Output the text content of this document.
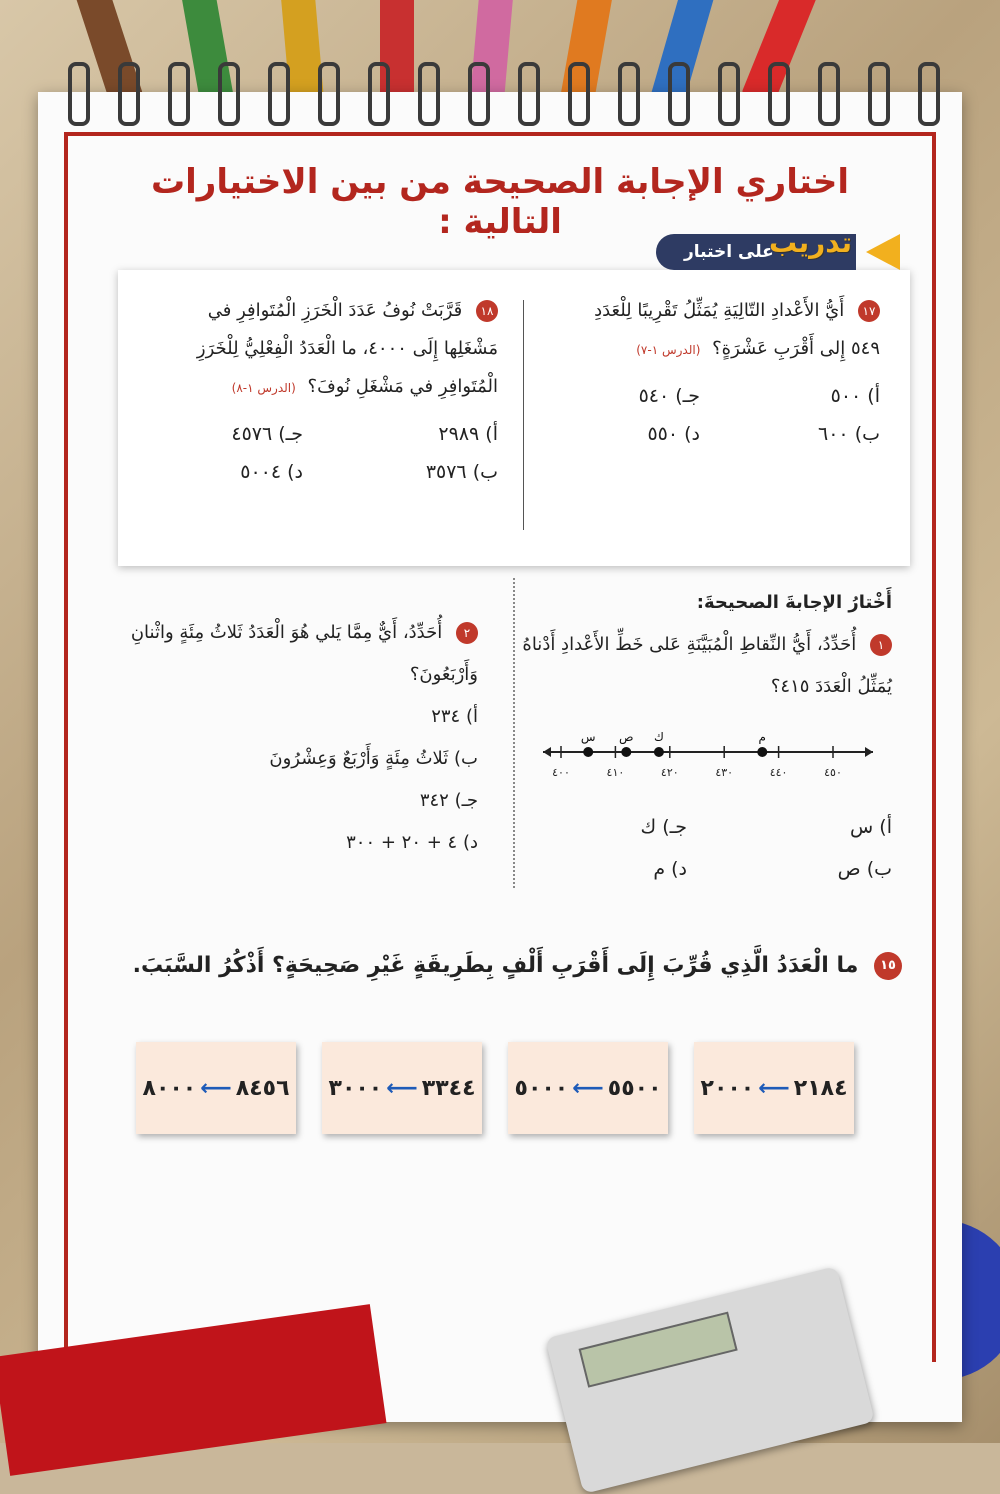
اختاري الإجابة الصحيحة من بين الاختيارات التالية :
على اختبار
تدريب
١٧ أَيُّ الأَعْدادِ التّالِيَةِ يُمَثِّلُ تَقْرِيبًا لِلْعَدَدِ ٥٤٩ إِلى أَقْرَبِ عَشْرَةٍ؟ (الدرس ١-٧)
أ) ٥٠٠
جـ) ٥٤٠
ب) ٦٠٠
د) ٥٥٠
١٨ قَرَّبَتْ نُوفُ عَدَدَ الْخَرَزِ الْمُتَوافِرِ في مَشْغَلِها إِلَى ٤٠٠٠، ما الْعَدَدُ الْفِعْلِيُّ لِلْخَرَزِ الْمُتَوافِرِ في مَشْغَلِ نُوفَ؟ (الدرس ١-٨)
أ) ٢٩٨٩
جـ) ٤٥٧٦
ب) ٣٥٧٦
د) ٥٠٠٤
أَخْتارُ الإجابةَ الصحيحةَ:
١ أُحَدِّدُ، أَيُّ النِّقاطِ الْمُبَيَّنَةِ عَلى خَطِّ الأَعْدادِ أَدْناهُ يُمَثِّلُ الْعَدَدَ ٤١٥؟
أ) س
جـ) ك
ب) ص
د) م
٤٠٠	٤١٠	٤٢٠	٤٣٠	٤٤٠	٤٥٠
س ص ك	م
٢ أُحَدِّدُ، أَيٌّ مِمَّا يَلي هُوَ الْعَدَدُ ثَلاثُ مِئَةٍ واثْنانِ وَأَرْبَعُونَ؟
أ) ٢٣٤
ب) ثَلاثُ مِئَةٍ وَأَرْبَعٌ وَعِشْرُونَ
جـ) ٣٤٢
د) ٤ + ٢٠ + ٣٠٠
١٥ ما الْعَدَدُ الَّذِي قُرِّبَ إِلَى أَقْرَبِ أَلْفٍ بِطَرِيقَةٍ غَيْرِ صَحِيحَةٍ؟ أَذْكُرُ السَّبَبَ.
٢١٨٤
⟵
٢٠٠٠
٥٥٠٠
⟵
٥٠٠٠
٣٣٤٤
⟵
٣٠٠٠
٨٤٥٦
⟵
٨٠٠٠
